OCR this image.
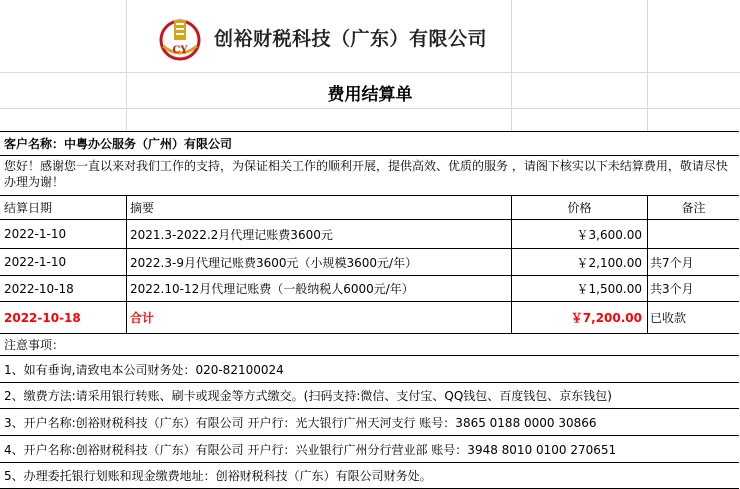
CY
创裕财税科技（广东）有限公司
费用结算单
客户名称： 中粤办公服务（广州）有限公司
您好！感谢您一直以来对我们工作的支持，为保证相关工作的顺利开展，提供高效、优质的服务 ，请阁下核实以下未结算费用，敬请尽快办理为谢！
结算日期	摘要	价格	备注
2022-1-10	2021.3-2022.2月代理记账费3600元	￥3,600.00
2022-1-10	2022.3-9月代理记账费3600元（小规模3600元/年）	￥2,100.00 共7个月
2022-10-18	2022.10-12月代理记账费（一般纳税人6000元/年）	￥1,500.00 共3个月
2022-10-18	合计	￥7,200.00 已收款
注意事项：
1、如有垂询,请致电本公司财务处：020-82100024
2、缴费方法:请采用银行转账、刷卡或现金等方式缴交。(扫码支持:微信、支付宝、QQ钱包、百度钱包、京东钱包)
3、开户名称:创裕财税科技（广东）有限公司 开户行：光大银行广州天河支行 账号：3865 0188 0000 30866
4、开户名称:创裕财税科技（广东）有限公司 开户行：兴业银行广州分行营业部 账号：3948 8010 0100 270651
5、办理委托银行划账和现金缴费地址：创裕财税科技（广东）有限公司财务处。
